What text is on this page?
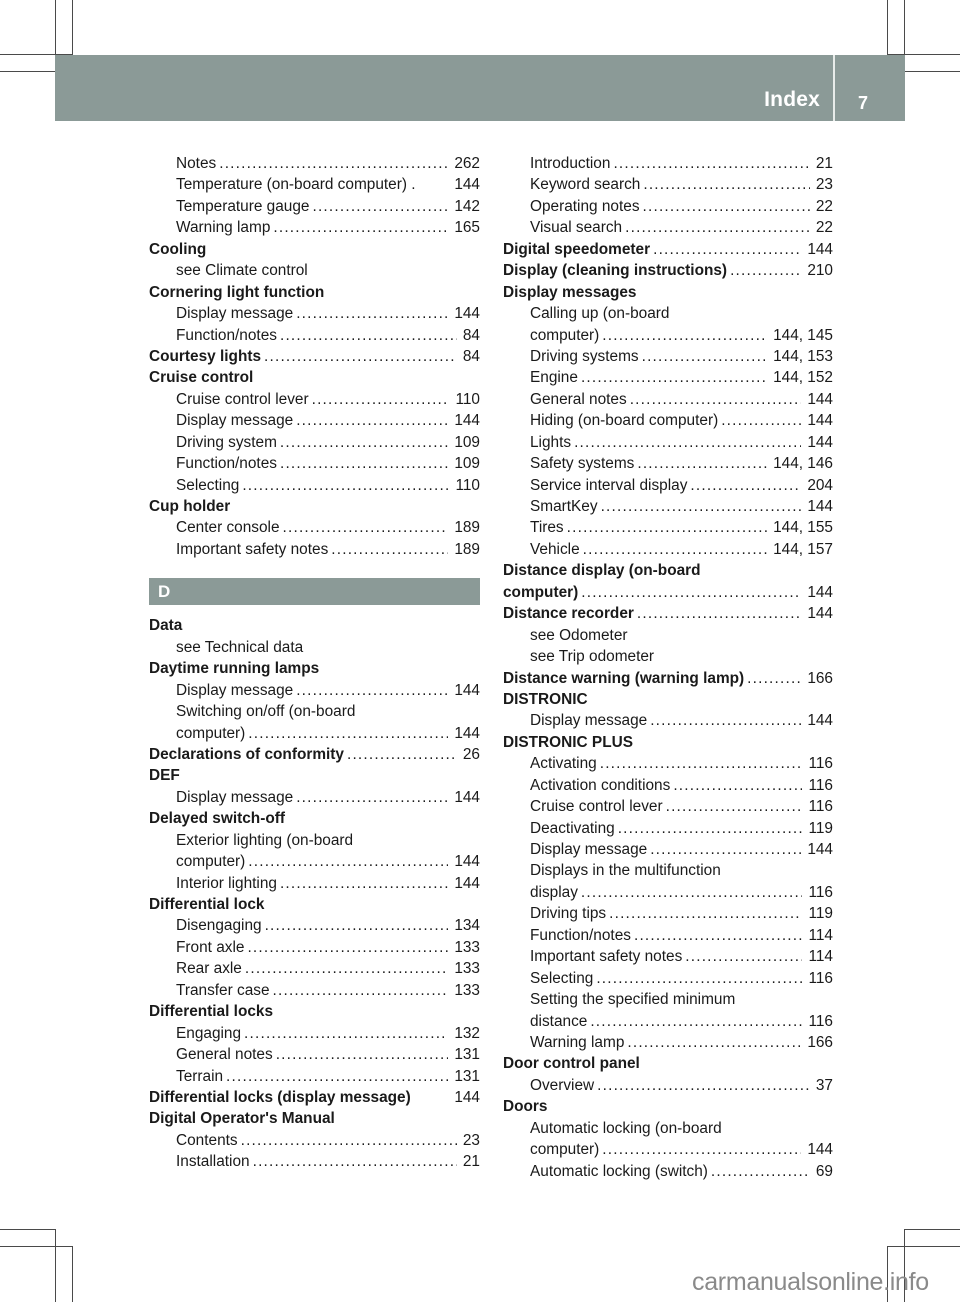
Index 7
Notes .....	262
Temperature (on-board computer) .	144
Temperature gauge .....	142
Warning lamp .....	165
Cooling
see Climate control
Cornering light function
Display message .....	144
Function/notes .....	84
Courtesy lights .....	84
Cruise control
Cruise control lever .....	110
Display message .....	144
Driving system .....	109
Function/notes .....	109
Selecting .....	110
Cup holder
Center console .....	189
Important safety notes .....	189
D
Data
see Technical data
Daytime running lamps
Display message .....	144
Switching on/off (on-board
computer) .....	144
Declarations of conformity .....	26
DEF
Display message .....	144
Delayed switch-off
Exterior lighting (on-board
computer) .....	144
Interior lighting .....	144
Differential lock
Disengaging .....	134
Front axle .....	133
Rear axle .....	133
Transfer case .....	133
Differential locks
Engaging .....	132
General notes .....	131
Terrain .....	131
Differential locks (display message)	144
Digital Operator's Manual
Contents .....	23
Installation .....	21
Introduction .....	21
Keyword search .....	23
Operating notes .....	22
Visual search .....	22
Digital speedometer .....	144
Display (cleaning instructions) .....	210
Display messages
Calling up (on-board
computer) .....	144, 145
Driving systems .....	144, 153
Engine .....	144, 152
General notes .....	144
Hiding (on-board computer) .....	144
Lights .....	144
Safety systems .....	144, 146
Service interval display .....	204
SmartKey .....	144
Tires .....	144, 155
Vehicle .....	144, 157
Distance display (on-board
computer) .....	144
Distance recorder .....	144
see Odometer
see Trip odometer
Distance warning (warning lamp) .....	166
DISTRONIC
Display message .....	144
DISTRONIC PLUS
Activating .....	116
Activation conditions .....	116
Cruise control lever .....	116
Deactivating .....	119
Display message .....	144
Displays in the multifunction
display .....	116
Driving tips .....	119
Function/notes .....	114
Important safety notes .....	114
Selecting .....	116
Setting the specified minimum
distance .....	116
Warning lamp .....	166
Door control panel
Overview .....	37
Doors
Automatic locking (on-board
computer) .....	144
Automatic locking (switch) .....	69
carmanualsonline.info
